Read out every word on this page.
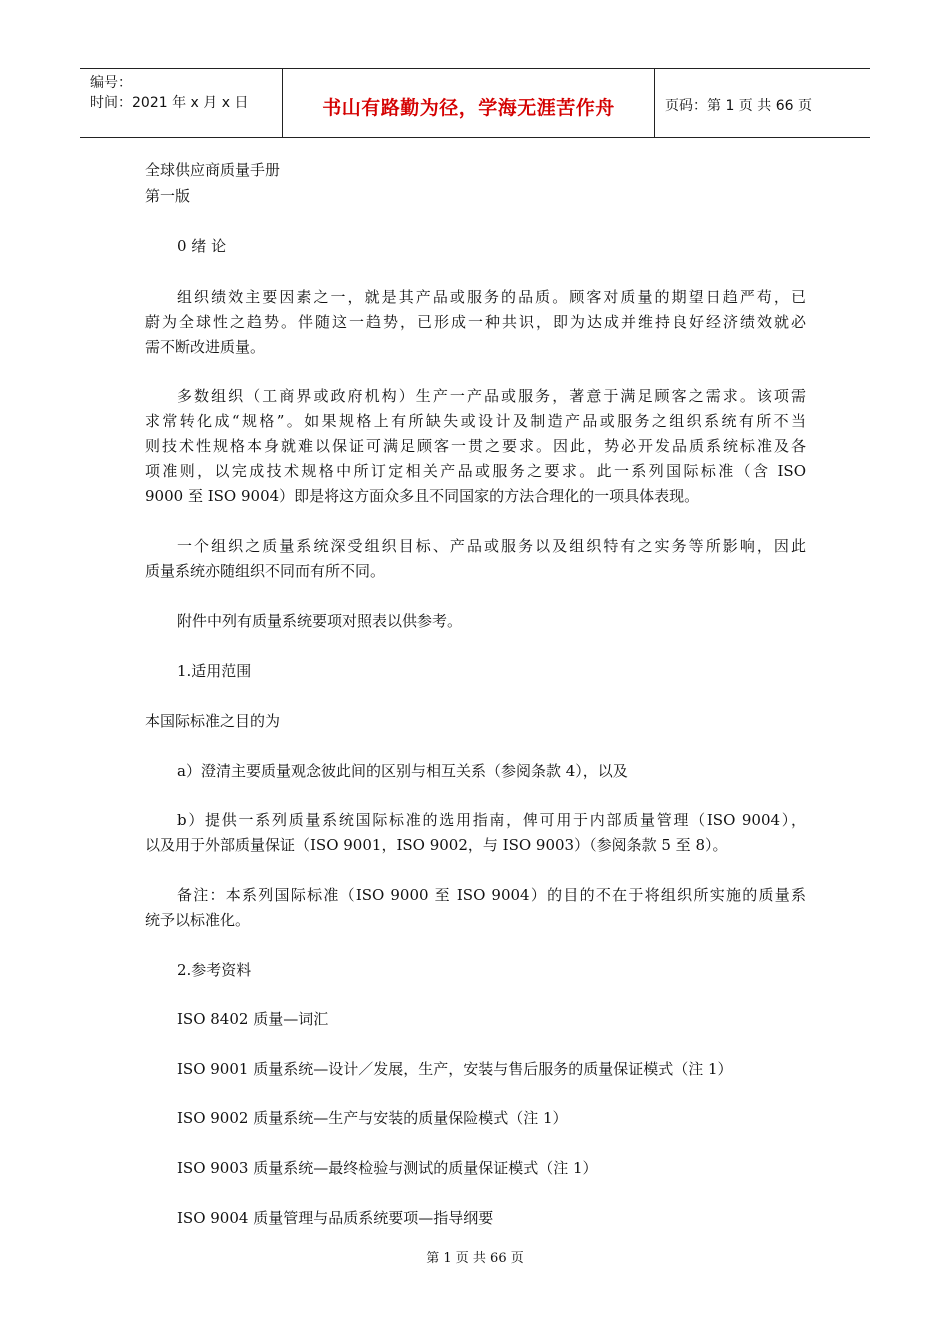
编号：
时间：2021 年 x 月 x 日	书山有路勤为径，学海无涯苦作舟	页码：第 1 页 共 66 页
全球供应商质量手册
第一版
0 绪 论
组织绩效主要因素之一，就是其产品或服务的品质。顾客对质量的期望日趋严苟，已
蔚为全球性之趋势。伴随这一趋势，已形成一种共识，即为达成并维持良好经济绩效就必
需不断改进质量。
多数组织（工商界或政府机构）生产一产品或服务，著意于满足顾客之需求。该项需
求常转化成“规格”。如果规格上有所缺失或设计及制造产品或服务之组织系统有所不当
则技术性规格本身就难以保证可满足顾客一贯之要求。因此，势必开发品质系统标准及各
项准则，以完成技术规格中所订定相关产品或服务之要求。此一系列国际标准（含 ISO
9000 至 ISO 9004）即是将这方面众多且不同国家的方法合理化的一项具体表现。
一个组织之质量系统深受组织目标、产品或服务以及组织特有之实务等所影响，因此
质量系统亦随组织不同而有所不同。
附件中列有质量系统要项对照表以供参考。
1.适用范围
本国际标准之目的为
a）澄清主要质量观念彼此间的区别与相互关系（参阅条款 4），以及
b）提供一系列质量系统国际标准的选用指南，俾可用于内部质量管理（ISO 9004），
以及用于外部质量保证（ISO 9001，ISO 9002，与 ISO 9003）（参阅条款 5 至 8）。
备注：本系列国际标准（ISO 9000 至 ISO 9004）的目的不在于将组织所实施的质量系
统予以标准化。
2.参考资料
ISO 8402 质量—词汇
ISO 9001 质量系统—设计／发展，生产，安装与售后服务的质量保证模式（注 1）
ISO 9002 质量系统—生产与安装的质量保险模式（注 1）
ISO 9003 质量系统—最终检验与测试的质量保证模式（注 1）
ISO 9004 质量管理与品质系统要项—指导纲要
第 1 页 共 66 页
